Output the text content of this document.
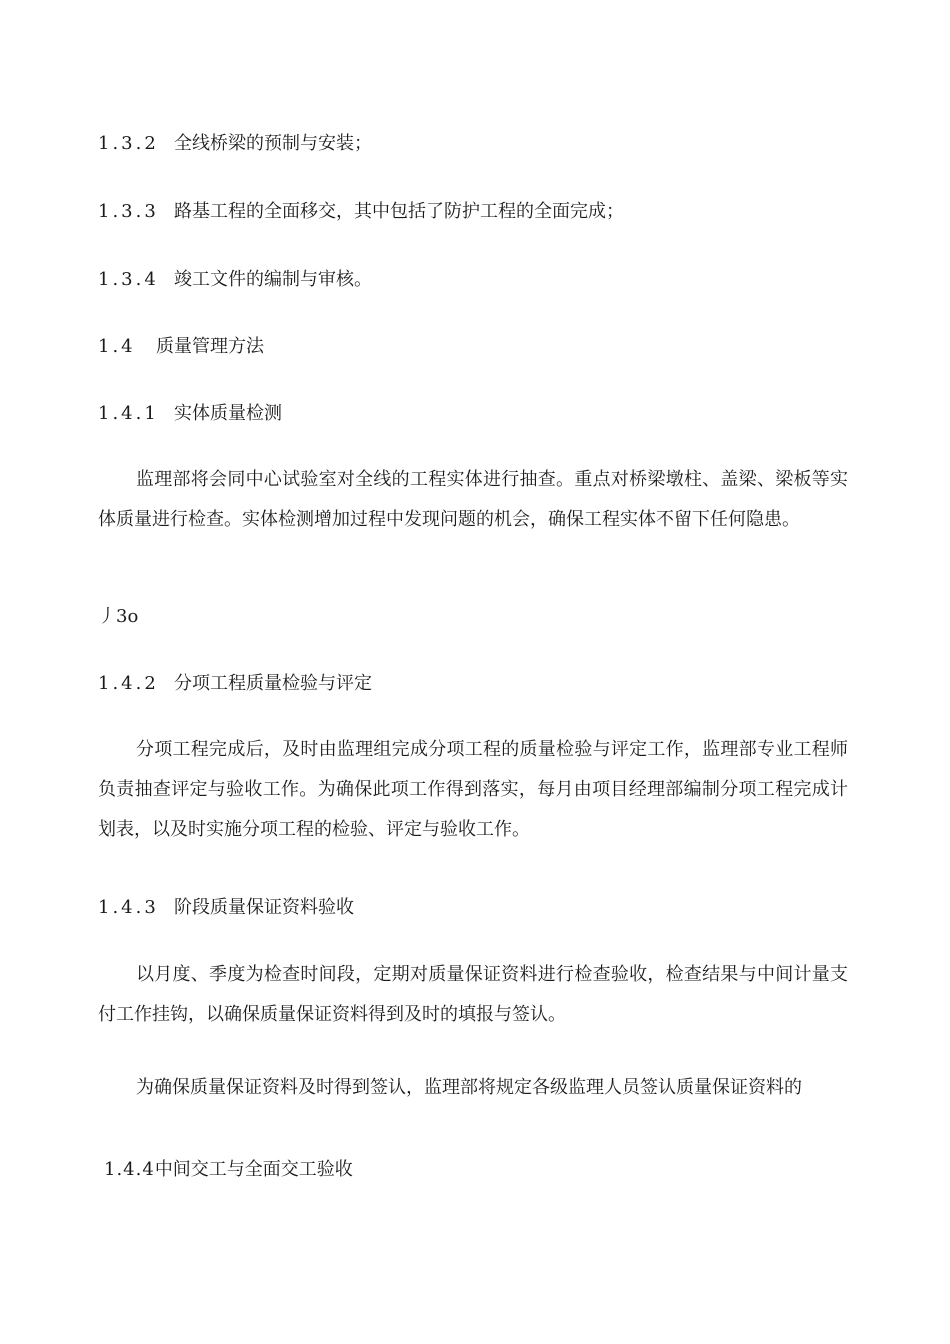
1.3.2 全线桥梁的预制与安装；
1.3.3 路基工程的全面移交，其中包括了防护工程的全面完成；
1.3.4 竣工文件的编制与审核。
1.4 质量管理方法
1.4.1 实体质量检测
监理部将会同中心试验室对全线的工程实体进行抽查。重点对桥梁墩柱、盖梁、梁板等实体质量进行检查。实体检测增加过程中发现问题的机会，确保工程实体不留下任何隐患。
丿3o
1.4.2 分项工程质量检验与评定
分项工程完成后，及时由监理组完成分项工程的质量检验与评定工作，监理部专业工程师负责抽查评定与验收工作。为确保此项工作得到落实，每月由项目经理部编制分项工程完成计划表，以及时实施分项工程的检验、评定与验收工作。
1.4.3 阶段质量保证资料验收
以月度、季度为检查时间段，定期对质量保证资料进行检查验收，检查结果与中间计量支付工作挂钩，以确保质量保证资料得到及时的填报与签认。
为确保质量保证资料及时得到签认，监理部将规定各级监理人员签认质量保证资料的
1.4.4中间交工与全面交工验收
